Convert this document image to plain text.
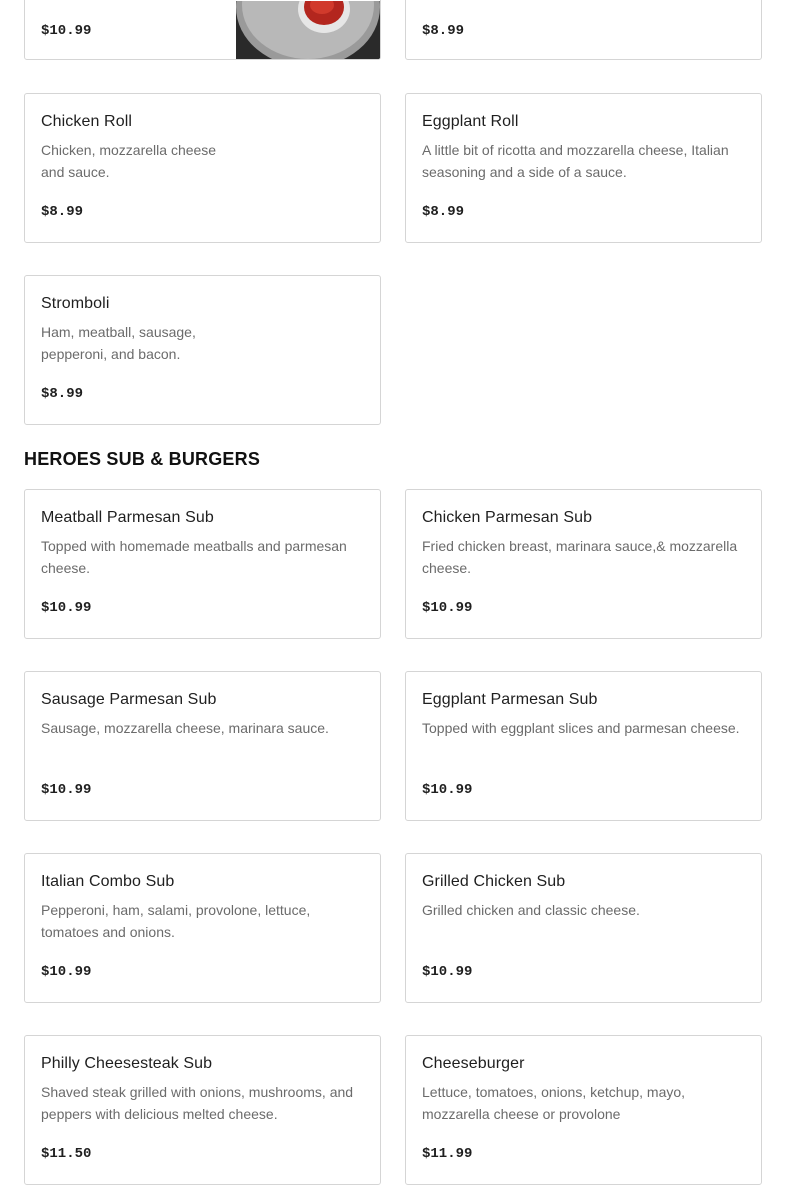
$10.99	$8.99
Chicken Roll
Chicken, mozzarella cheese and sauce.
$8.99
Eggplant Roll
A little bit of ricotta and mozzarella cheese, Italian seasoning and a side of a sauce.
$8.99
Stromboli
Ham, meatball, sausage, pepperoni, and bacon.
$8.99
HEROES SUB & BURGERS
Meatball Parmesan Sub
Topped with homemade meatballs and parmesan cheese.
$10.99
Chicken Parmesan Sub
Fried chicken breast, marinara sauce,& mozzarella cheese.
$10.99
Sausage Parmesan Sub
Sausage, mozzarella cheese, marinara sauce.
$10.99
Eggplant Parmesan Sub
Topped with eggplant slices and parmesan cheese.
$10.99
Italian Combo Sub
Pepperoni, ham, salami, provolone, lettuce, tomatoes and onions.
$10.99
Grilled Chicken Sub
Grilled chicken and classic cheese.
$10.99
Philly Cheesesteak Sub
Shaved steak grilled with onions, mushrooms, and peppers with delicious melted cheese.
$11.50
Cheeseburger
Lettuce, tomatoes, onions, ketchup, mayo, mozzarella cheese or provolone
$11.99
